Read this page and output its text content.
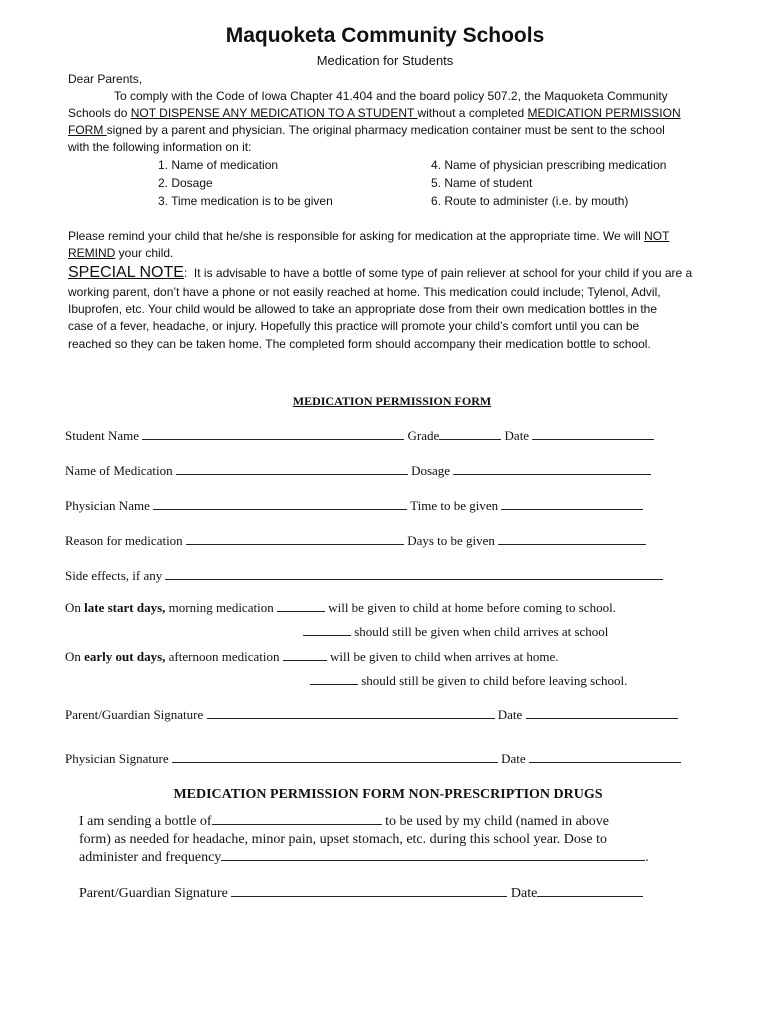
Maquoketa Community Schools
Medication for Students
Dear Parents,
To comply with the Code of Iowa Chapter 41.404 and the board policy 507.2, the Maquoketa Community
Schools do NOT DISPENSE ANY MEDICATION TO A STUDENT without a completed MEDICATION PERMISSION
FORM signed by a parent and physician. The original pharmacy medication container must be sent to the school
with the following information on it:
1. Name of medication
2. Dosage
3. Time medication is to be given
4. Name of physician prescribing medication
5. Name of student
6. Route to administer (i.e. by mouth)
Please remind your child that he/she is responsible for asking for medication at the appropriate time. We will NOT
REMIND your child.
SPECIAL NOTE: It is advisable to have a bottle of some type of pain reliever at school for your child if you are a
working parent, don’t have a phone or not easily reached at home. This medication could include; Tylenol, Advil,
Ibuprofen, etc. Your child would be allowed to take an appropriate dose from their own medication bottles in the
case of a fever, headache, or injury. Hopefully this practice will promote your child’s comfort until you can be
reached so they can be taken home. The completed form should accompany their medication bottle to school.
MEDICATION PERMISSION FORM
Student Name	Grade	Date
Name of Medication	Dosage
Physician Name	Time to be given
Reason for medication	Days to be given
Side effects, if any
On late start days, morning medication	will be given to child at home before coming to school.
should still be given when child arrives at school
On early out days, afternoon medication	will be given to child when arrives at home.
should still be given to child before leaving school.
Parent/Guardian Signature	Date
Physician Signature	Date
MEDICATION PERMISSION FORM NON-PRESCRIPTION DRUGS
I am sending a bottle of	to be used by my child (named in above
form) as needed for headache, minor pain, upset stomach, etc. during this school year. Dose to
administer and frequency	.
Parent/Guardian Signature	Date
